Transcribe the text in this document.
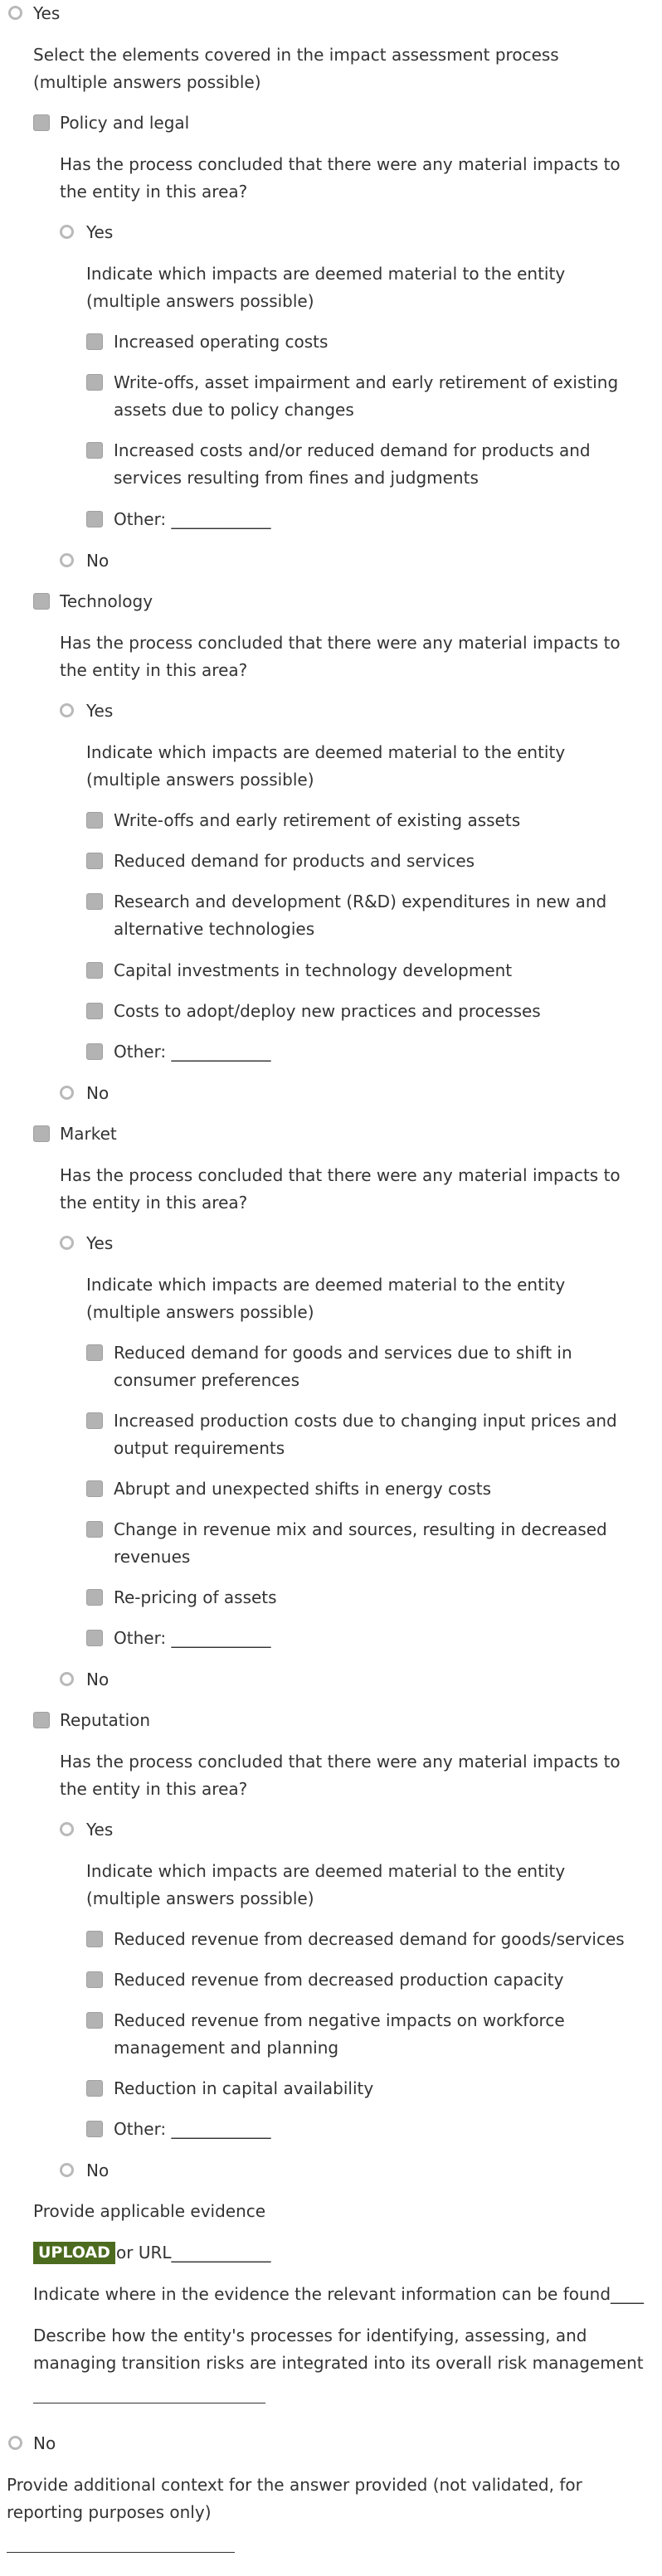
Yes
Select the elements covered in the impact assessment process (multiple answers possible)
Policy and legal
Has the process concluded that there were any material impacts to the entity in this area?
Yes
Indicate which impacts are deemed material to the entity (multiple answers possible)
Increased operating costs
Write-offs, asset impairment and early retirement of existing assets due to policy changes
Increased costs and/or reduced demand for products and services resulting from fines and judgments
Other: ____________
No
Technology
Has the process concluded that there were any material impacts to the entity in this area?
Yes
Indicate which impacts are deemed material to the entity (multiple answers possible)
Write-offs and early retirement of existing assets
Reduced demand for products and services
Research and development (R&D) expenditures in new and alternative technologies
Capital investments in technology development
Costs to adopt/deploy new practices and processes
Other: ____________
No
Market
Has the process concluded that there were any material impacts to the entity in this area?
Yes
Indicate which impacts are deemed material to the entity (multiple answers possible)
Reduced demand for goods and services due to shift in consumer preferences
Increased production costs due to changing input prices and output requirements
Abrupt and unexpected shifts in energy costs
Change in revenue mix and sources, resulting in decreased revenues
Re-pricing of assets
Other: ____________
No
Reputation
Has the process concluded that there were any material impacts to the entity in this area?
Yes
Indicate which impacts are deemed material to the entity (multiple answers possible)
Reduced revenue from decreased demand for goods/services
Reduced revenue from decreased production capacity
Reduced revenue from negative impacts on workforce management and planning
Reduction in capital availability
Other: ____________
No
Provide applicable evidence
UPLOAD or URL____________
Indicate where in the evidence the relevant information can be found____
Describe how the entity's processes for identifying, assessing, and managing transition risks are integrated into its overall risk management
No
Provide additional context for the answer provided (not validated, for reporting purposes only)
